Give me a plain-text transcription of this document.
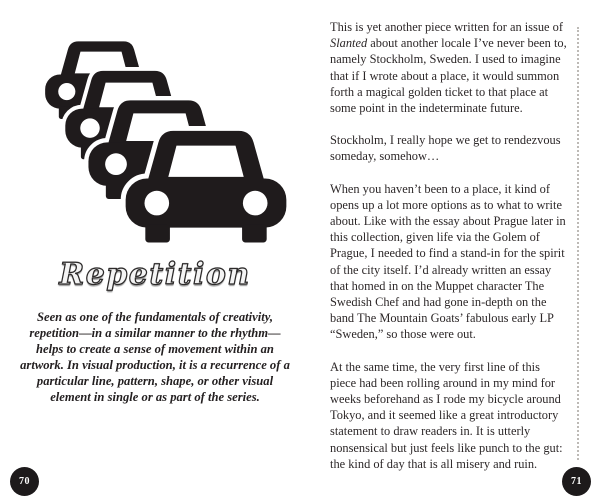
Repetition
Seen as one of the fundamentals of creativity, repetition—in a similar manner to the rhythm—helps to create a sense of movement within an artwork. In visual production, it is a recurrence of a particular line, pattern, shape, or other visual element in single or as part of the series.
70

This is yet another piece written for an issue of Slanted about another locale I’ve never been to, namely Stockholm, Sweden. I used to imagine that if I wrote about a place, it would summon forth a magical golden ticket to that place at some point in the indeterminate future.

Stockholm, I really hope we get to rendezvous someday, somehow…

When you haven’t been to a place, it kind of opens up a lot more options as to what to write about. Like with the essay about Prague later in this collection, given life via the Golem of Prague, I needed to find a stand-in for the spirit of the city itself. I’d already written an essay that homed in on the Muppet character The Swedish Chef and had gone in-depth on the band The Mountain Goats’ fabulous early LP “Sweden,” so those were out.

At the same time, the very first line of this piece had been rolling around in my mind for weeks beforehand as I rode my bicycle around Tokyo, and it seemed like a great introductory statement to draw readers in. It is utterly nonsensical but just feels like punch to the gut: the kind of day that is all misery and ruin.

71
